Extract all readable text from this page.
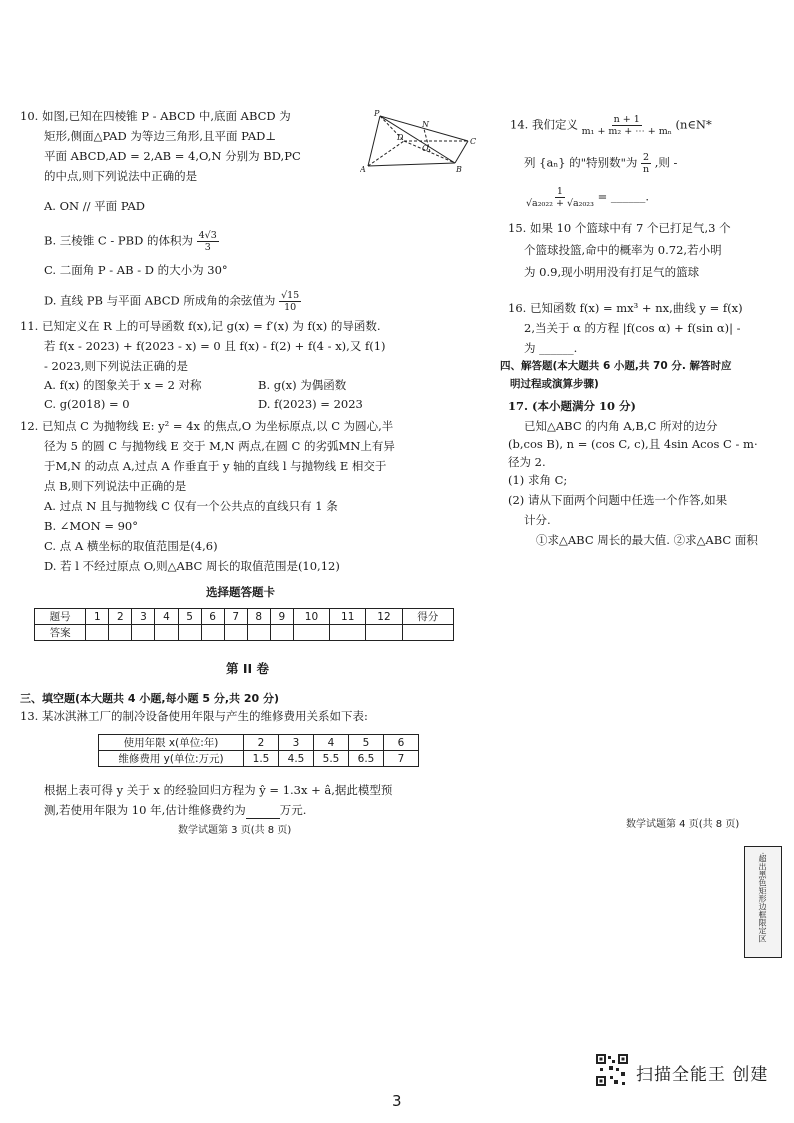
10. 如图,已知在四棱锥 P - ABCD 中,底面 ABCD 为
矩形,侧面△PAD 为等边三角形,且平面 PAD⊥
平面 ABCD,AD = 2,AB = 4,O,N 分别为 BD,PC
的中点,则下列说法中正确的是
A. ON // 平面 PAD
B. 三棱锥 C - PBD 的体积为 $\frac{4√3}{3}$
C. 二面角 P - AB - D 的大小为 30°
D. 直线 PB 与平面 ABCD 所成角的余弦值为 $\frac{√15}{10}$
P
N
D
O
C
A	B
11. 已知定义在 R 上的可导函数 f(x),记 g(x) = f′(x) 为 f(x) 的导函数.
若 f(x - 2023) + f(2023 - x) = 0 且 f(x) - f(2) + f(4 - x),又 f(1)
- 2023,则下列说法正确的是
A. f(x) 的图象关于 x = 2 对称	B. g(x) 为偶函数
C. g(2018) = 0	D. f(2023) = 2023
12. 已知点 C 为抛物线 E: y² = 4x 的焦点,O 为坐标原点,以 C 为圆心,半
径为 5 的圆 C 与抛物线 E 交于 M,N 两点,在圆 C 的劣弧MN上有异
于M,N 的动点 A,过点 A 作垂直于 y 轴的直线 l 与抛物线 E 相交于
点 B,则下列说法中正确的是
A. 过点 N 且与抛物线 C 仅有一个公共点的直线只有 1 条
B. ∠MON = 90°
C. 点 A 横坐标的取值范围是(4,6)
D. 若 l 不经过原点 O,则△ABC 周长的取值范围是(10,12)
选择题答题卡
题号	1	2	3	4	5	6	7	8	9	10	11	12	得分
答案													
第 II 卷
三、填空题(本大题共 4 小题,每小题 5 分,共 20 分)
13. 某冰淇淋工厂的制冷设备使用年限与产生的维修费用关系如下表:
使用年限 x(单位:年)	2	3	4	5	6
维修费用 y(单位:万元)	1.5	4.5	5.5	6.5	7
根据上表可得 y 关于 x 的经验回归方程为 ŷ = 1.3x + â,据此模型预
测,若使用年限为 10 年,估计维修费约为	万元.
数学试题第 3 页(共 8 页)
14. 我们定义 $\frac{n + 1}{\text{m₁ + m₂ + ⋯ + mₙ}}$ (n∈N*
列 {aₙ} 的"特别数"为 $\frac{2}{n}$ ,则 -
$\frac{1}{\text{√a₂₀₂₂ + √a₂₀₂₃}}$ = ______.
15. 如果 10 个篮球中有 7 个已打足气,3 个
个篮球投篮,命中的概率为 0.72,若小明
为 0.9,现小明用没有打足气的篮球
16. 已知函数 f(x) = mx³ + nx,曲线 y = f(x)
2,当关于 α 的方程 |f(cos α) + f(sin α)| -
为 ______.
四、解答题(本大题共 6 小题,共 70 分. 解答时应
明过程或演算步骤)
17. (本小题满分 10 分)
已知△ABC 的内角 A,B,C 所对的边分
(b,cos B), n = (cos C, c),且 4sin Acos C - m·
径为 2.
(1) 求角 C;
(2) 请从下面两个问题中任选一个作答,如果
计分.
①求△ABC 周长的最大值. ②求△ABC 面积
数学试题第 4 页(共 8 页)
·超出黑色矩形边框限定区
扫描全能王 创建
3
